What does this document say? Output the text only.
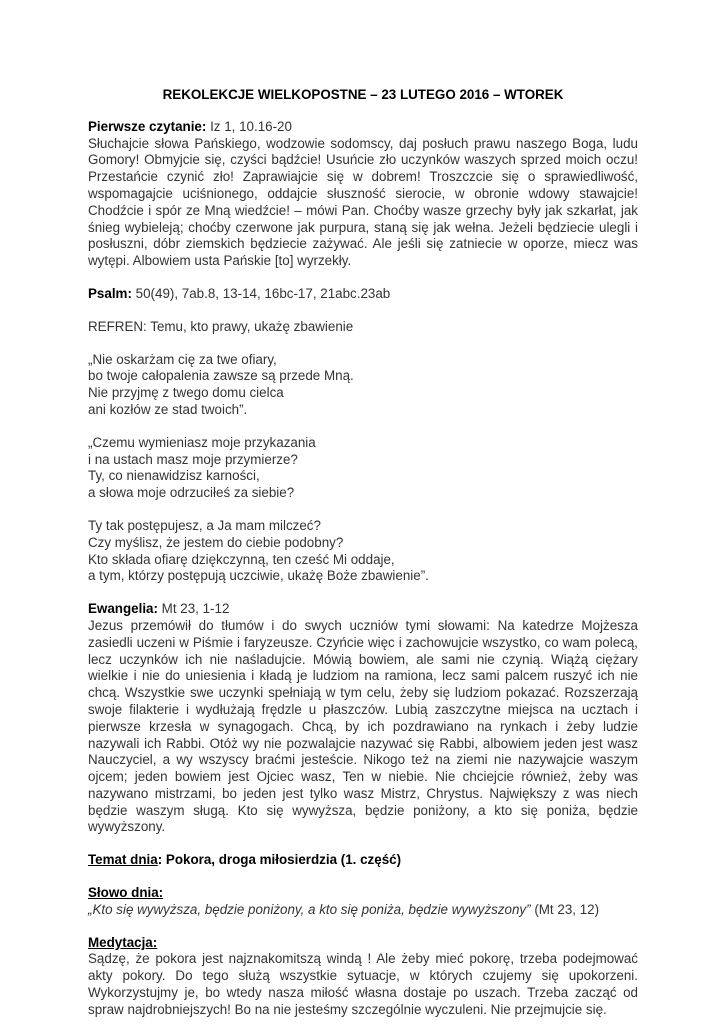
REKOLEKCJE WIELKOPOSTNE – 23 LUTEGO 2016 – WTOREK

Pierwsze czytanie: Iz 1, 10.16-20
Słuchajcie słowa Pańskiego, wodzowie sodomscy, daj posłuch prawu naszego Boga, ludu Gomory! Obmyjcie się, czyści bądźcie! Usuńcie zło uczynków waszych sprzed moich oczu! Przestańcie czynić zło! Zaprawiajcie się w dobrem! Troszczcie się o sprawiedliwość, wspomagajcie uciśnionego, oddajcie słuszność sierocie, w obronie wdowy stawajcie! Chodźcie i spór ze Mną wiedźcie! – mówi Pan. Choćby wasze grzechy były jak szkarłat, jak śnieg wybieleją; choćby czerwone jak purpura, staną się jak wełna. Jeżeli będziecie ulegli i posłuszni, dóbr ziemskich będziecie zażywać. Ale jeśli się zatniecie w oporze, miecz was wytępi. Albowiem usta Pańskie [to] wyrzekły.

Psalm: 50(49), 7ab.8, 13-14, 16bc-17, 21abc.23ab
REFREN: Temu, kto prawy, ukażę zbawienie
„Nie oskarżam cię za twe ofiary,
bo twoje całopalenia zawsze są przede Mną.
Nie przyjmę z twego domu cielca
ani kozłów ze stad twoich”.
„Czemu wymieniasz moje przykazania
i na ustach masz moje przymierze?
Ty, co nienawidzisz karności,
a słowa moje odrzuciłeś za siebie?
Ty tak postępujesz, a Ja mam milczeć?
Czy myślisz, że jestem do ciebie podobny?
Kto składa ofiarę dziękczynną, ten cześć Mi oddaje,
a tym, którzy postępują uczciwie, ukażę Boże zbawienie”.

Ewangelia: Mt 23, 1-12
Jezus przemówił do tłumów i do swych uczniów tymi słowami: Na katedrze Mojżesza zasiedli uczeni w Piśmie i faryzeusze. Czyńcie więc i zachowujcie wszystko, co wam polecą, lecz uczynków ich nie naśladujcie. Mówią bowiem, ale sami nie czynią. Wiążą ciężary wielkie i nie do uniesienia i kładą je ludziom na ramiona, lecz sami palcem ruszyć ich nie chcą. Wszystkie swe uczynki spełniają w tym celu, żeby się ludziom pokazać. Rozszerzają swoje filakterie i wydłużają frędzle u płaszczów. Lubią zaszczytne miejsca na ucztach i pierwsze krzesła w synagogach. Chcą, by ich pozdrawiano na rynkach i żeby ludzie nazywali ich Rabbi. Otóż wy nie pozwalajcie nazywać się Rabbi, albowiem jeden jest wasz Nauczyciel, a wy wszyscy braćmi jesteście. Nikogo też na ziemi nie nazywajcie waszym ojcem; jeden bowiem jest Ojciec wasz, Ten w niebie. Nie chciejcie również, żeby was nazywano mistrzami, bo jeden jest tylko wasz Mistrz, Chrystus. Największy z was niech będzie waszym sługą. Kto się wywyższa, będzie poniżony, a kto się poniża, będzie wywyższony.

Temat dnia: Pokora, droga miłosierdzia (1. część)
Słowo dnia:
„Kto się wywyższa, będzie poniżony, a kto się poniża, będzie wywyższony” (Mt 23, 12)
Medytacja:

Sądzę, że pokora jest najznakomitszą windą ! Ale żeby mieć pokorę, trzeba podejmować akty pokory. Do tego służą wszystkie sytuacje, w których czujemy się upokorzeni. Wykorzystujmy je, bo wtedy nasza miłość własna dostaje po uszach. Trzeba zacząć od spraw najdrobniejszych! Bo na nie jesteśmy szczególnie wyczuleni. Nie przejmujcie się.
